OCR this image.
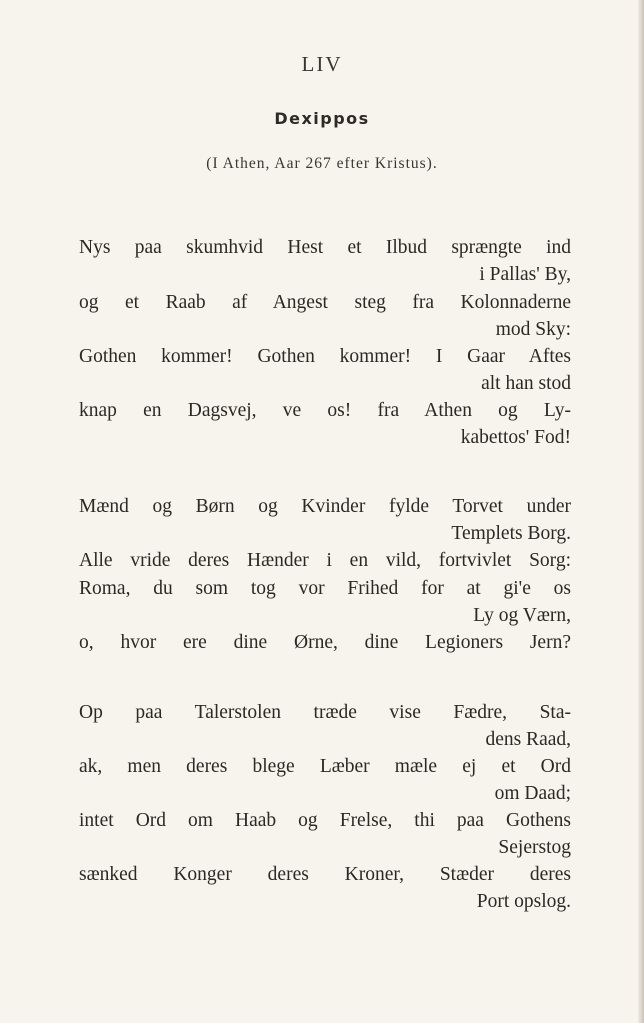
LIV
Dexippos
(I Athen, Aar 267 efter Kristus).
Nys paa skumhvid Hest et Ilbud sprængte ind
i Pallas' By,
og et Raab af Angest steg fra Kolonnaderne
mod Sky:
Gothen kommer! Gothen kommer! I Gaar Aftes
alt han stod
knap en Dagsvej, ve os! fra Athen og Ly-
kabettos' Fod!
Mænd og Børn og Kvinder fylde Torvet under
Templets Borg.
Alle vride deres Hænder i en vild, fortvivlet Sorg:
Roma, du som tog vor Frihed for at gi'e os
Ly og Værn,
o, hvor ere dine Ørne, dine Legioners Jern?
Op paa Talerstolen træde vise Fædre, Sta-
dens Raad,
ak, men deres blege Læber mæle ej et Ord
om Daad;
intet Ord om Haab og Frelse, thi paa Gothens
Sejerstog
sænked Konger deres Kroner, Stæder deres
Port opslog.
